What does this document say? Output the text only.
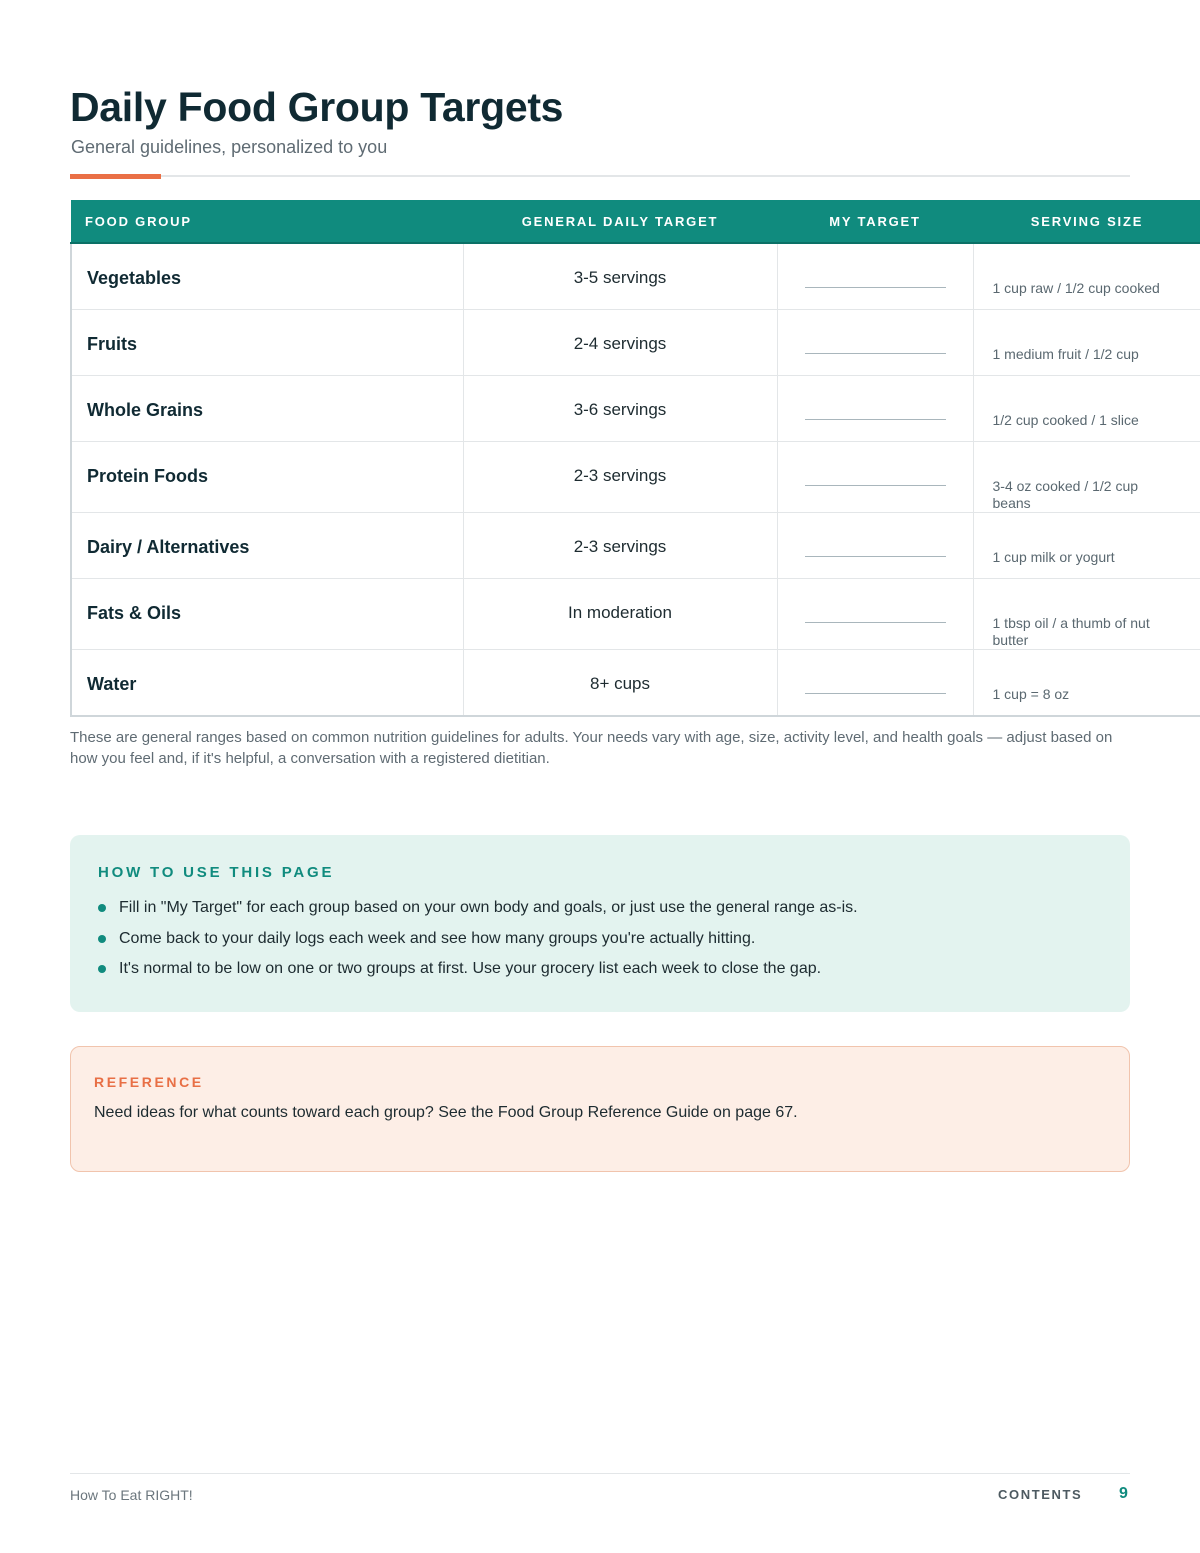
Daily Food Group Targets
General guidelines, personalized to you
FOOD GROUP	GENERAL DAILY TARGET	MY TARGET	SERVING SIZE

Vegetables	3-5 servings		1 cup raw / 1/2 cup cooked

Fruits	2-4 servings		1 medium fruit / 1/2 cup

Whole Grains	3-6 servings		1/2 cup cooked / 1 slice

Protein Foods	2-3 servings		3-4 oz cooked / 1/2 cup beans

Dairy / Alternatives	2-3 servings		1 cup milk or yogurt

Fats & Oils	In moderation		1 tbsp oil / a thumb of nut butter

Water	8+ cups		1 cup = 8 oz
These are general ranges based on common nutrition guidelines for adults. Your needs vary with age, size, activity level, and health goals — adjust based on how you feel and, if it's helpful, a conversation with a registered dietitian.
HOW TO USE THIS PAGE
Fill in "My Target" for each group based on your own body and goals, or just use the general range as-is.
Come back to your daily logs each week and see how many groups you're actually hitting.
It's normal to be low on one or two groups at first. Use your grocery list each week to close the gap.
REFERENCE
Need ideas for what counts toward each group? See the Food Group Reference Guide on page 67.
How To Eat RIGHT!	CONTENTS 9
